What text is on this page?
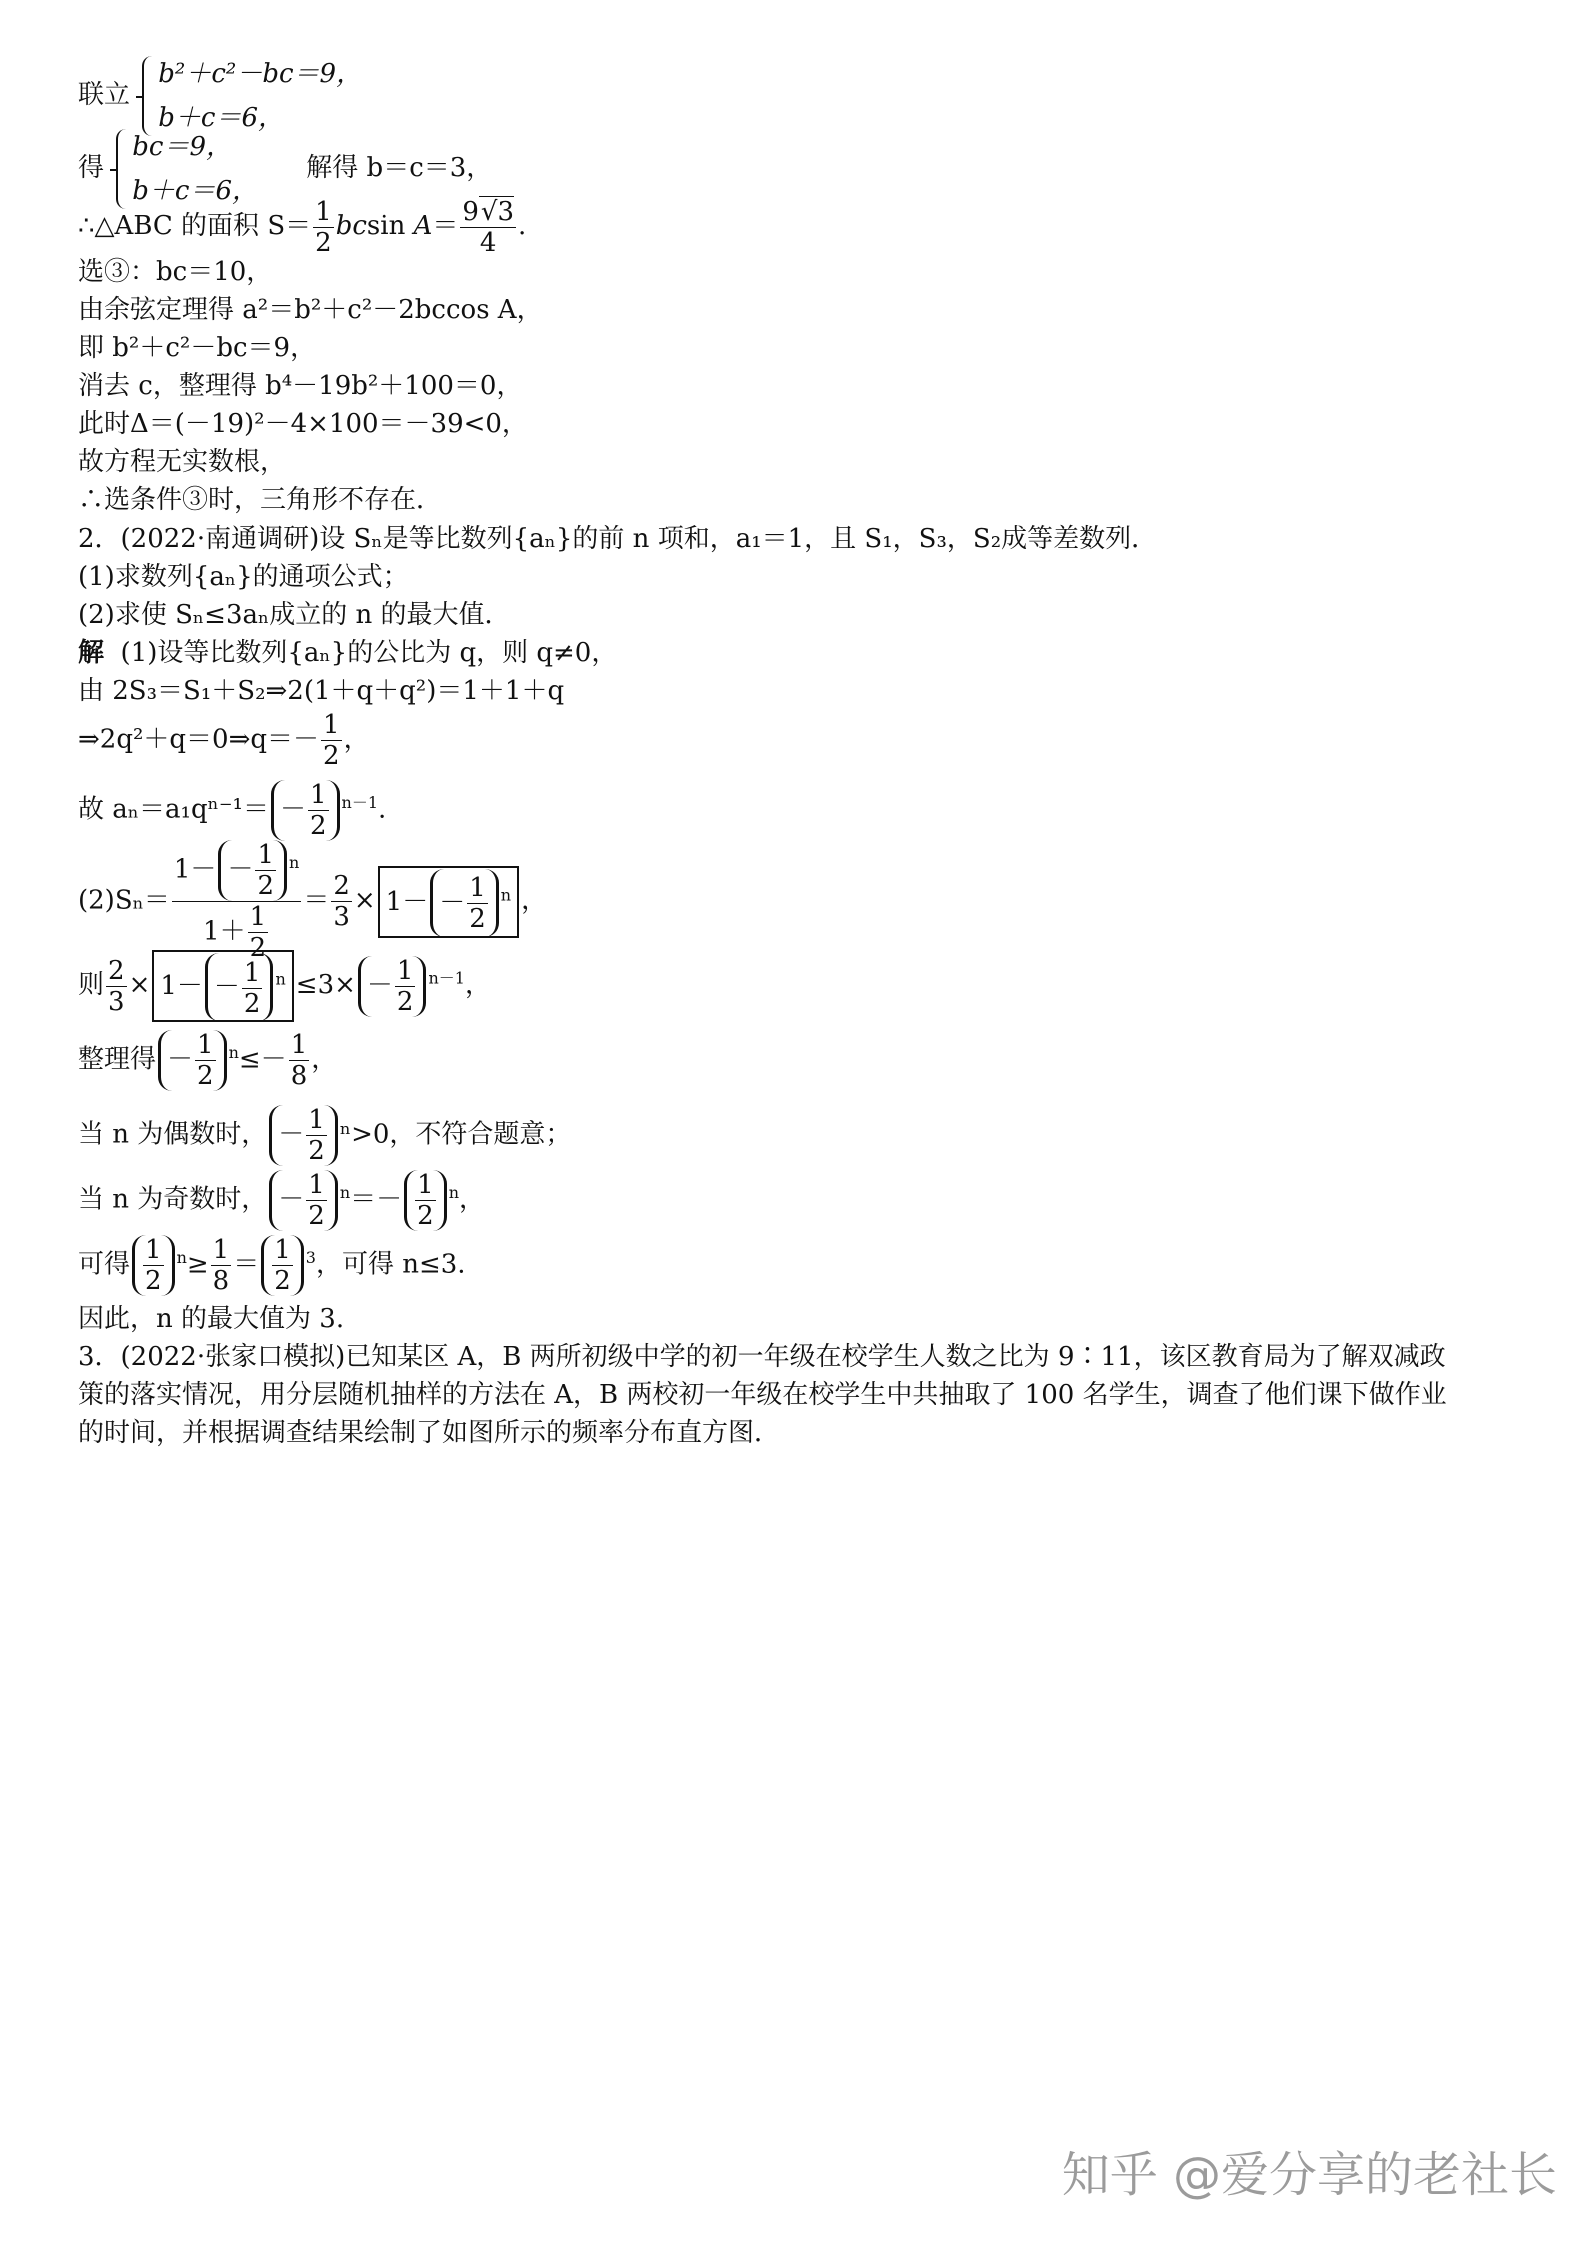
联立
b²＋c²－bc＝9，
b＋c＝6，
得
bc＝9，
b＋c＝6，
解得 b＝c＝3，
∴△ABC 的面积 $S= \frac{1}{2}$ bcsin $A= \frac{9√3}{4}$ .
选③：bc＝10，
由余弦定理得 a²＝b²＋c²－2bccos A，
即 b²＋c²－bc＝9，
消去 c，整理得 b⁴－19b²＋100＝0，
此时Δ＝(－19)²－4×100＝－39<0，
故方程无实数根，
∴选条件③时，三角形不存在．
2．(2022·南通调研)设 Sₙ是等比数列{aₙ}的前 n 项和，a₁＝1，且 S₁，S₃，S₂成等差数列．
(1)求数列{aₙ}的通项公式；
(2)求使 Sₙ≤3aₙ成立的 n 的最大值．
解 (1)设等比数列{aₙ}的公比为 q，则 q≠0，
由 2S₃＝S₁＋S₂⇒2(1＋q＋q²)＝1＋1＋q
⇒2q²＋q＝0⇒q＝－ $\frac{1}{2}$ ，
故 $a_n=a_1q^{n-1}= - \frac{1}{2} ^{n-1}$.
$(2)S_n= \frac{1- - \frac{1}{2} ^n}{1+ \frac{1}{2}} = \frac{2}{3} \times 1- - \frac{1}{2} ^n$ ，
则 $\frac{2}{3} \times 1- - \frac{1}{2} ^n \le 3\times - \frac{1}{2} ^{n-1}$，
整理得 － $\frac{1}{2} ^n\le- \frac{1}{8}$ ，
当 n 为偶数时， － $\frac{1}{2} ^n>0$，不符合题意；
当 n 为奇数时， － $\frac{1}{2} ^n=- \frac{1}{2} ^n$，
可得 $\frac{1}{2} ^n\ge \frac{1}{8} = \frac{1}{2} ^3$，可得 n≤3.
因此，n 的最大值为 3.
3．(2022·张家口模拟)已知某区 A，B 两所初级中学的初一年级在校学生人数之比为 9∶11，该区教育局为了解双减政
策的落实情况，用分层随机抽样的方法在 A，B 两校初一年级在校学生中共抽取了 100 名学生，调查了他们课下做作业
的时间，并根据调查结果绘制了如图所示的频率分布直方图．
知乎 @爱分享的老社长
